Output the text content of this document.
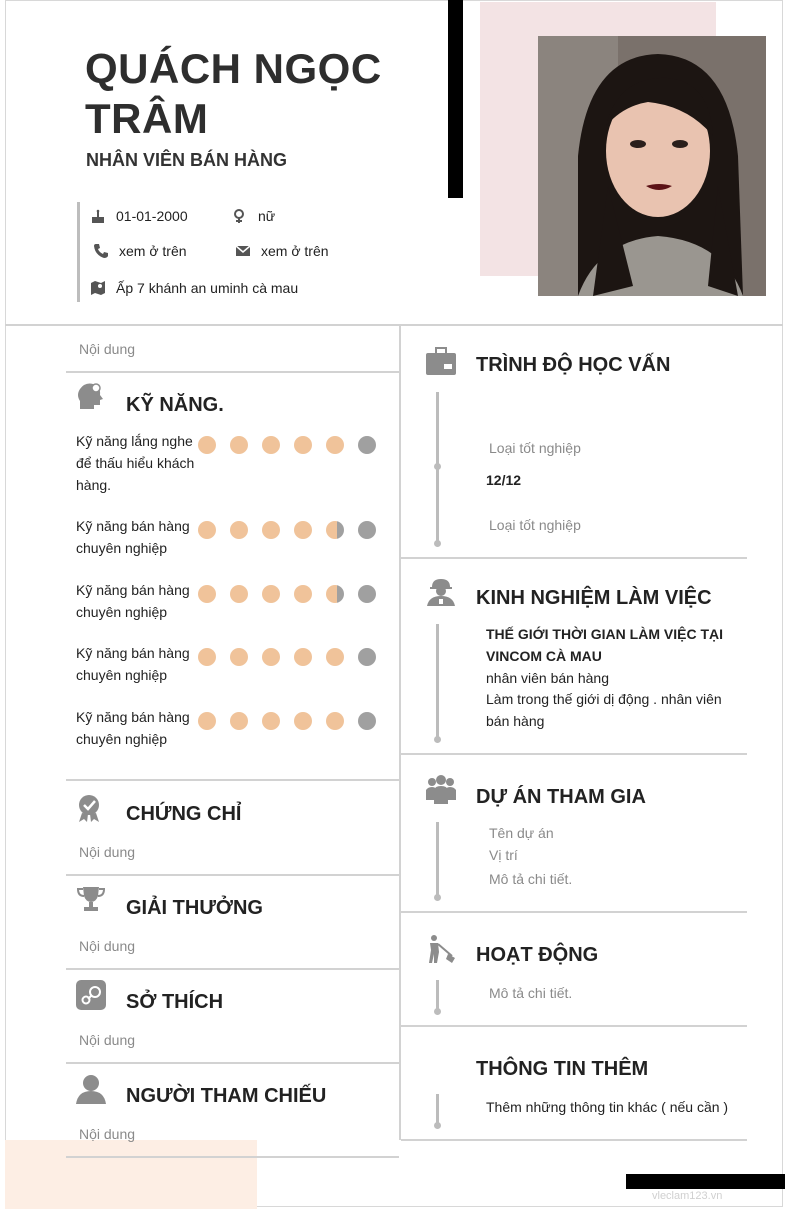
QUÁCH NGỌC
TRÂM
NHÂN VIÊN BÁN HÀNG
01-01-2000	nữ
xem ở trên	xem ở trên
Ấp 7 khánh an uminh cà mau
Nội dung
KỸ NĂNG.
Kỹ năng lắng nghe để thấu hiểu khách hàng.
Kỹ năng bán hàng chuyên nghiệp
Kỹ năng bán hàng chuyên nghiệp
Kỹ năng bán hàng chuyên nghiệp
Kỹ năng bán hàng chuyên nghiệp
CHỨNG CHỈ
Nội dung
GIẢI THƯỞNG
Nội dung
SỞ THÍCH
Nội dung
NGƯỜI THAM CHIẾU
Nội dung
TRÌNH ĐỘ HỌC VẤN
Loại tốt nghiệp
12/12
Loại tốt nghiệp
KINH NGHIỆM LÀM VIỆC
THẾ GIỚI THỜI GIAN LÀM VIỆC TẠI VINCOM CÀ MAU
nhân viên bán hàng
Làm trong thế giới dị động . nhân viên bán hàng
DỰ ÁN THAM GIA
Tên dự án
Vị trí
Mô tả chi tiết.
HOẠT ĐỘNG
Mô tả chi tiết.
THÔNG TIN THÊM
Thêm những thông tin khác ( nếu cần )
vleclam123.vn
